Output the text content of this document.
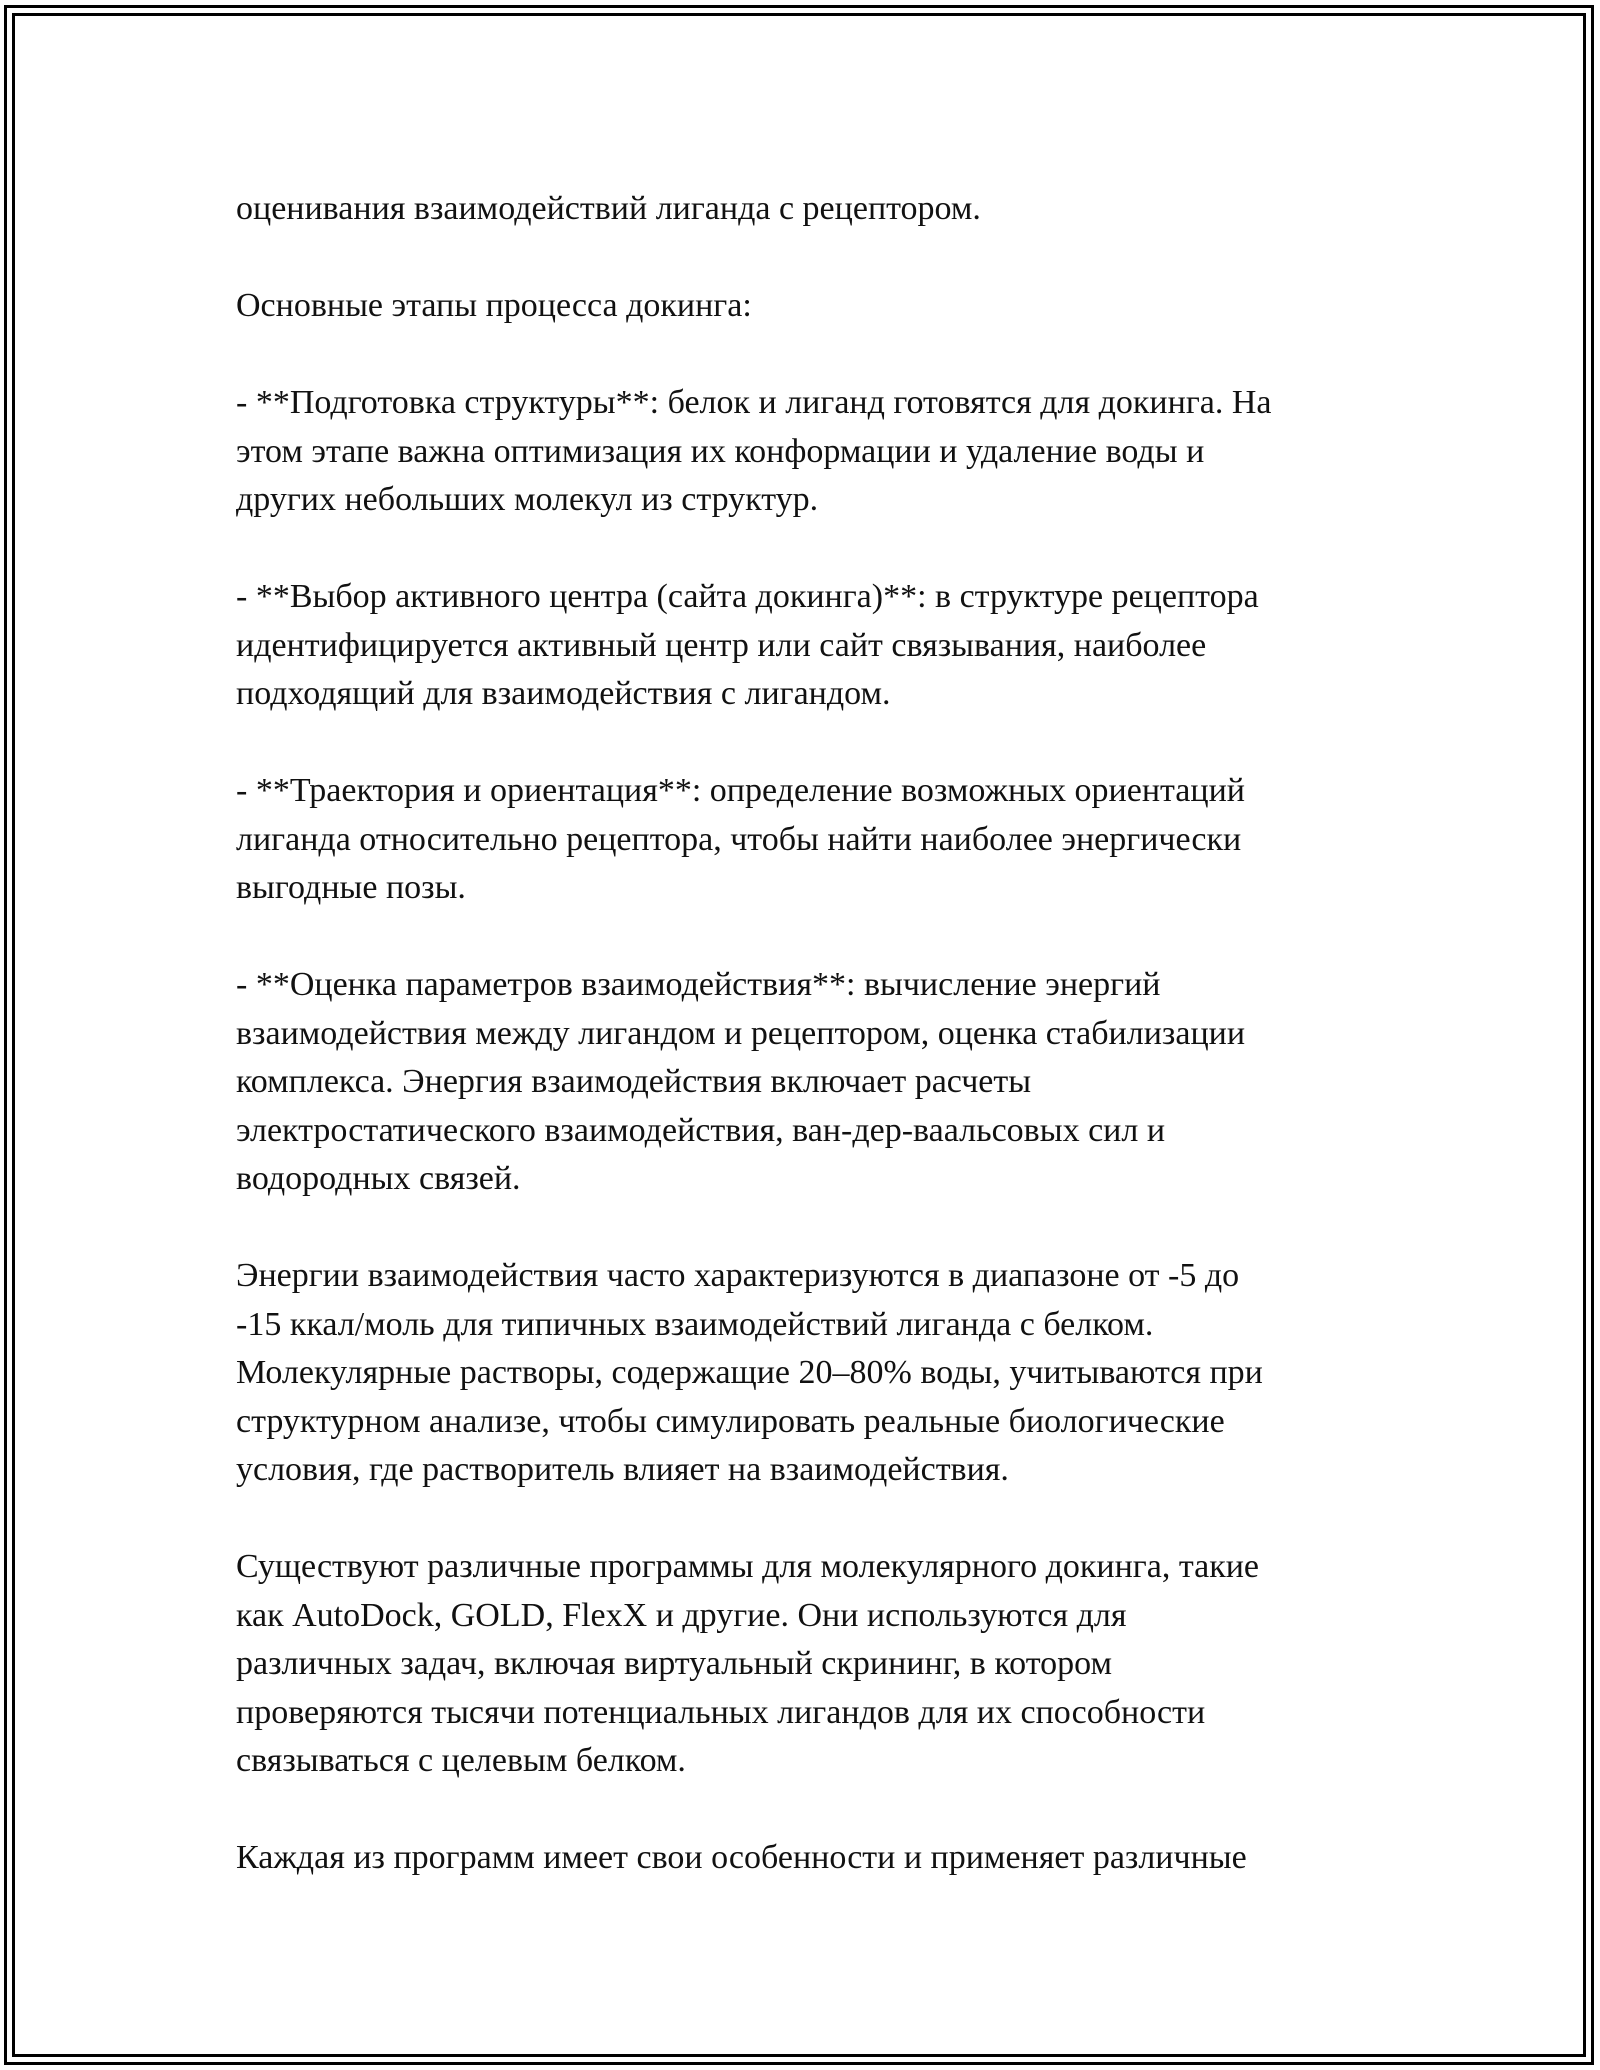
оценивания взаимодействий лиганда с рецептором.

Основные этапы процесса докинга:

- **Подготовка структуры**: белок и лиганд готовятся для докинга. На
этом этапе важна оптимизация их конформации и удаление воды и
других небольших молекул из структур.

- **Выбор активного центра (сайта докинга)**: в структуре рецептора
идентифицируется активный центр или сайт связывания, наиболее
подходящий для взаимодействия с лигандом.

- **Траектория и ориентация**: определение возможных ориентаций
лиганда относительно рецептора, чтобы найти наиболее энергически
выгодные позы.

- **Оценка параметров взаимодействия**: вычисление энергий
взаимодействия между лигандом и рецептором, оценка стабилизации
комплекса. Энергия взаимодействия включает расчеты
электростатического взаимодействия, ван-дер-ваальсовых сил и
водородных связей.

Энергии взаимодействия часто характеризуются в диапазоне от -5 до
-15 ккал/моль для типичных взаимодействий лиганда с белком.
Молекулярные растворы, содержащие 20–80% воды, учитываются при
структурном анализе, чтобы симулировать реальные биологические
условия, где растворитель влияет на взаимодействия.

Существуют различные программы для молекулярного докинга, такие
как AutoDock, GOLD, FlexX и другие. Они используются для
различных задач, включая виртуальный скрининг, в котором
проверяются тысячи потенциальных лигандов для их способности
связываться с целевым белком.

Каждая из программ имеет свои особенности и применяет различные
